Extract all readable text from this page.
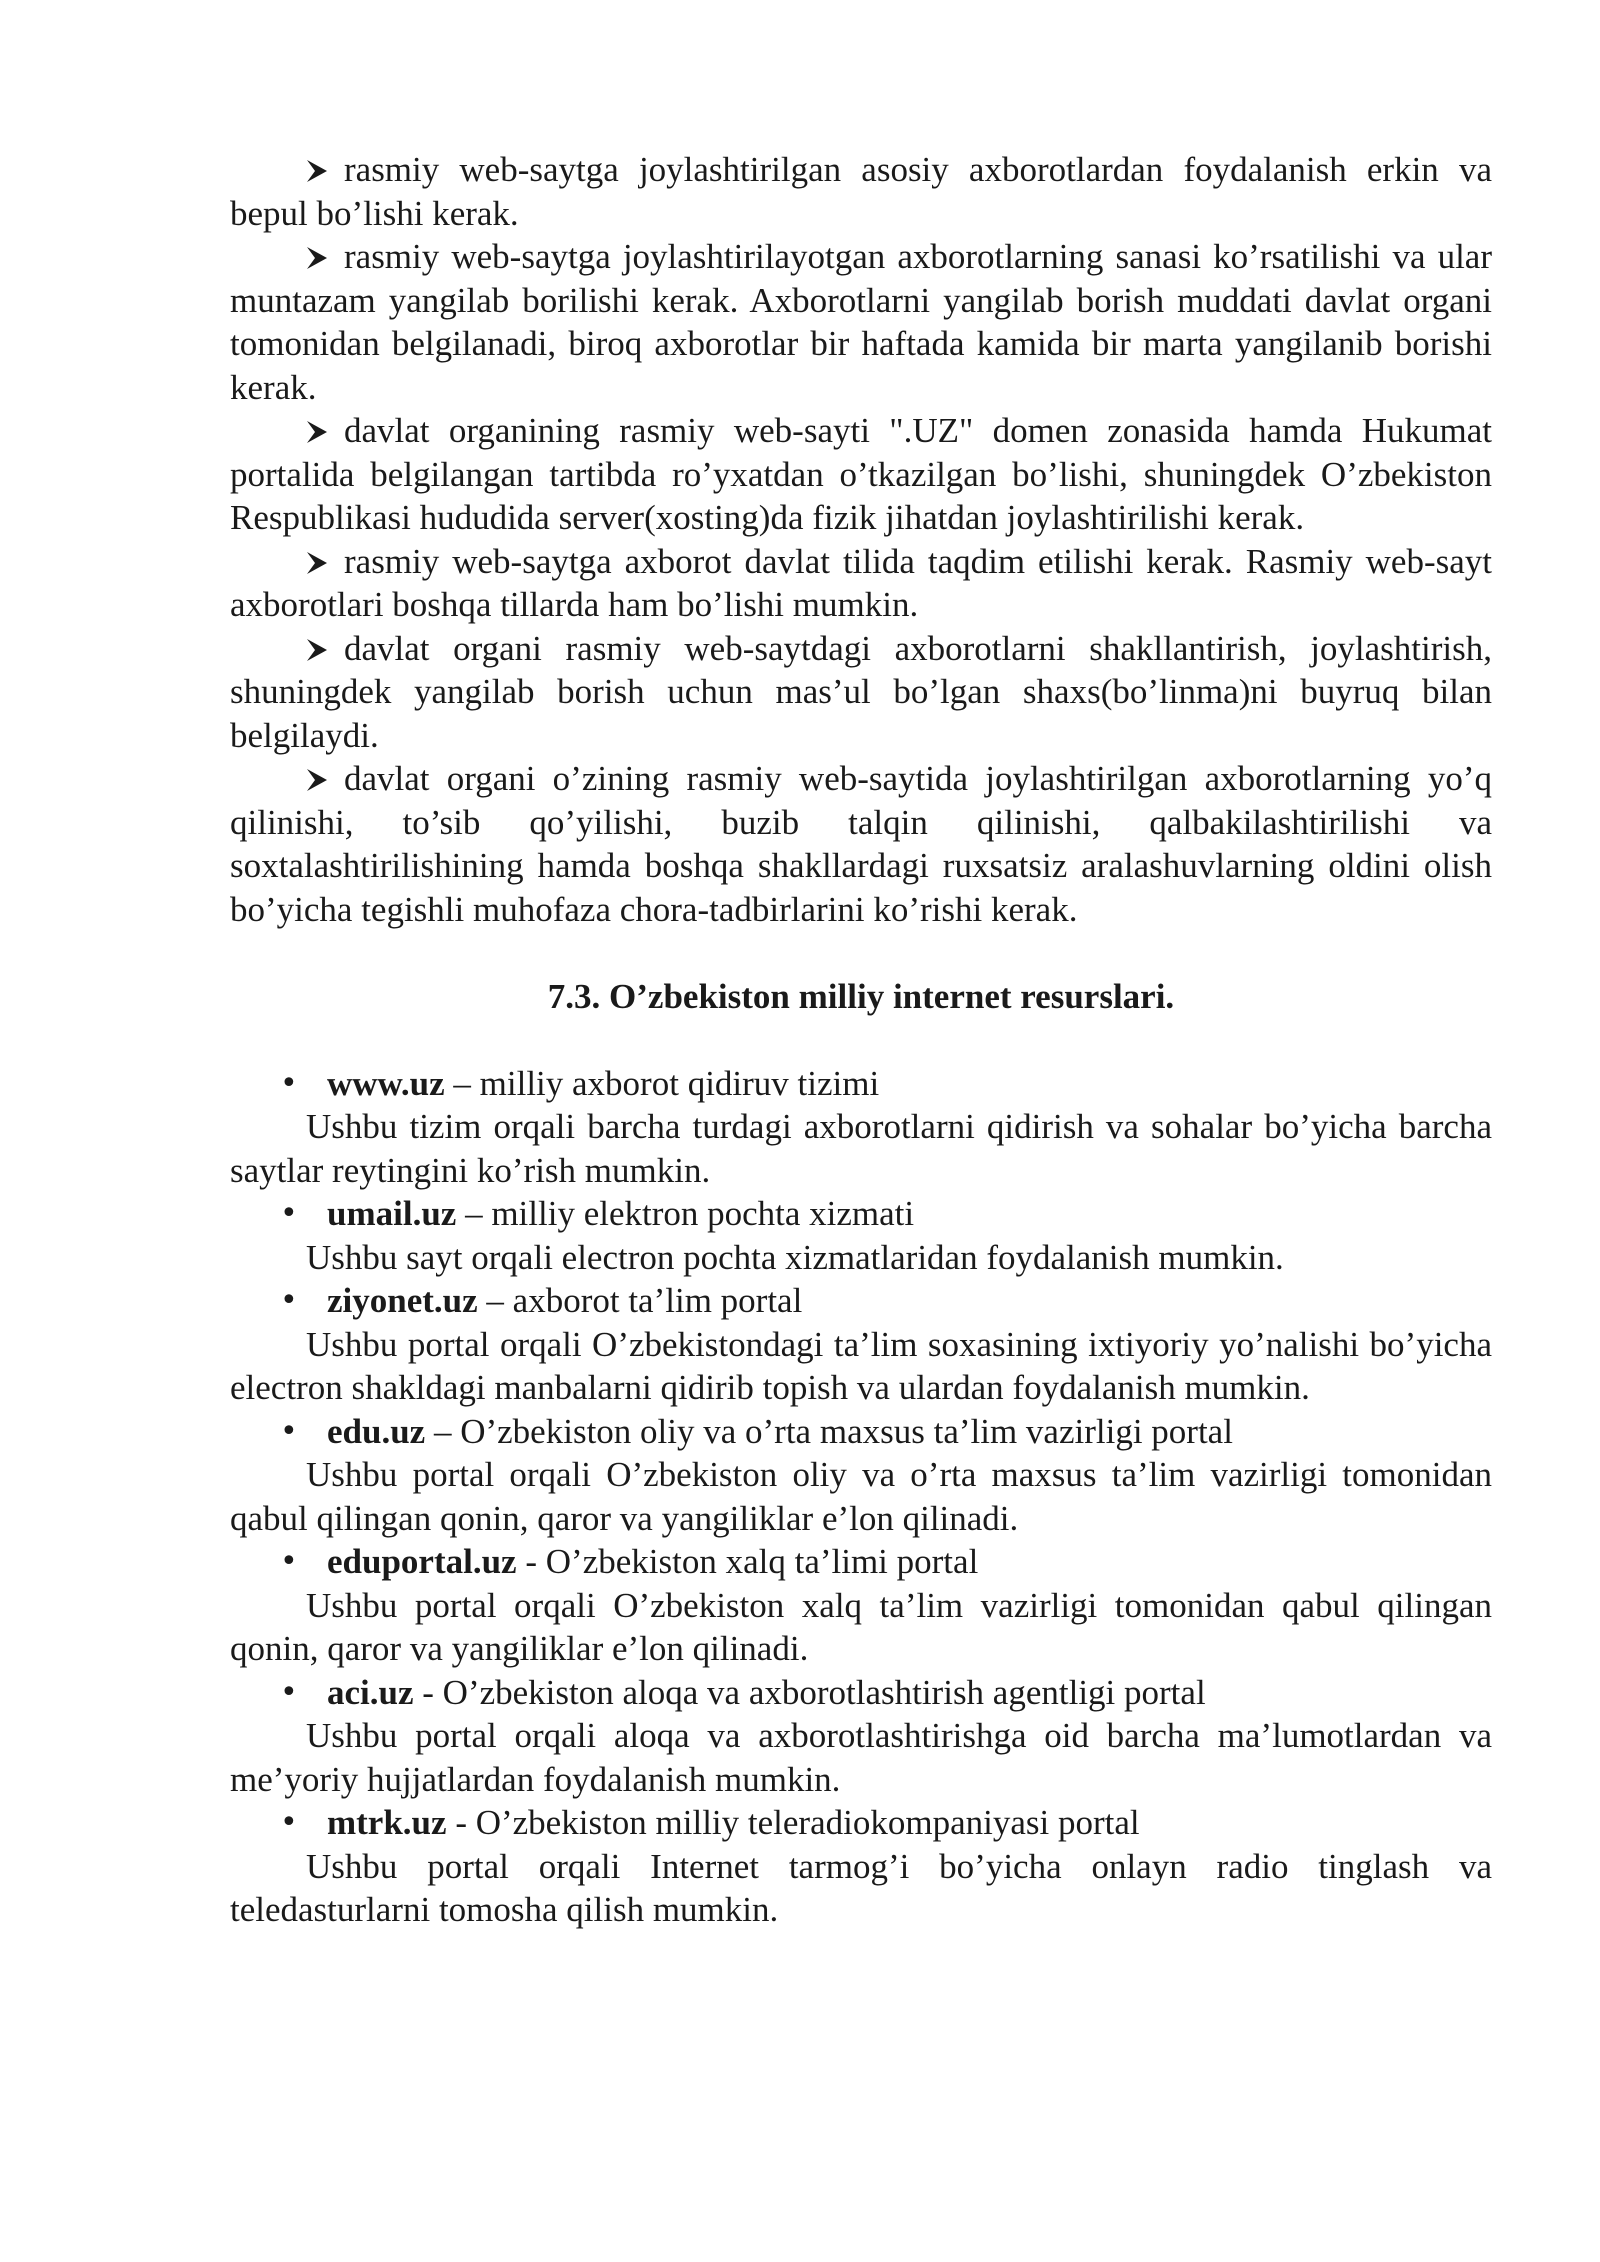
rasmiy web-saytga joylashtirilgan asosiy axborotlardan foydalanish erkin va bepul bo’lishi kerak.

rasmiy web-saytga joylashtirilayotgan axborotlarning sanasi ko’rsatilishi va ular muntazam yangilab borilishi kerak. Axborotlarni yangilab borish muddati davlat organi tomonidan belgilanadi, biroq axborotlar bir haftada kamida bir marta yangilanib borishi kerak.

davlat organining rasmiy web-sayti ".UZ" domen zonasida hamda Hukumat portalida belgilangan tartibda ro’yxatdan o’tkazilgan bo’lishi, shuningdek O’zbekiston Respublikasi hududida server(xosting)da fizik jihatdan joylashtirilishi kerak.

rasmiy web-saytga axborot davlat tilida taqdim etilishi kerak. Rasmiy web-sayt axborotlari boshqa tillarda ham bo’lishi mumkin.

davlat organi rasmiy web-saytdagi axborotlarni shakllantirish, joylashtirish, shuningdek yangilab borish uchun mas’ul bo’lgan shaxs(bo’linma)ni buyruq bilan belgilaydi.

davlat organi o’zining rasmiy web-saytida joylashtirilgan axborotlarning yo’q qilinishi, to’sib qo’yilishi, buzib talqin qilinishi, qalbakilashtirilishi va soxtalashtirilishining hamda boshqa shakllardagi ruxsatsiz aralashuvlarning oldini olish bo’yicha tegishli muhofaza chora-tadbirlarini ko’rishi kerak.

7.3. O’zbekiston milliy internet resurslari.

• www.uz – milliy axborot qidiruv tizimi

Ushbu tizim orqali barcha turdagi axborotlarni qidirish va sohalar bo’yicha barcha saytlar reytingini ko’rish mumkin.

• umail.uz – milliy elektron pochta xizmati

Ushbu sayt orqali electron pochta xizmatlaridan foydalanish mumkin.

• ziyonet.uz – axborot ta’lim portal

Ushbu portal orqali O’zbekistondagi ta’lim soxasining ixtiyoriy yo’nalishi bo’yicha electron shakldagi manbalarni qidirib topish va ulardan foydalanish mumkin.

• edu.uz – O’zbekiston oliy va o’rta maxsus ta’lim vazirligi portal

Ushbu portal orqali O’zbekiston oliy va o’rta maxsus ta’lim vazirligi tomonidan qabul qilingan qonin, qaror va yangiliklar e’lon qilinadi.

• eduportal.uz - O’zbekiston xalq ta’limi portal

Ushbu portal orqali O’zbekiston xalq ta’lim vazirligi tomonidan qabul qilingan qonin, qaror va yangiliklar e’lon qilinadi.

• aci.uz - O’zbekiston aloqa va axborotlashtirish agentligi portal

Ushbu portal orqali aloqa va axborotlashtirishga oid barcha ma’lumotlardan va me’yoriy hujjatlardan foydalanish mumkin.

• mtrk.uz - O’zbekiston milliy teleradiokompaniyasi portal

Ushbu portal orqali Internet tarmog’i bo’yicha onlayn radio tinglash va teledasturlarni tomosha qilish mumkin.
